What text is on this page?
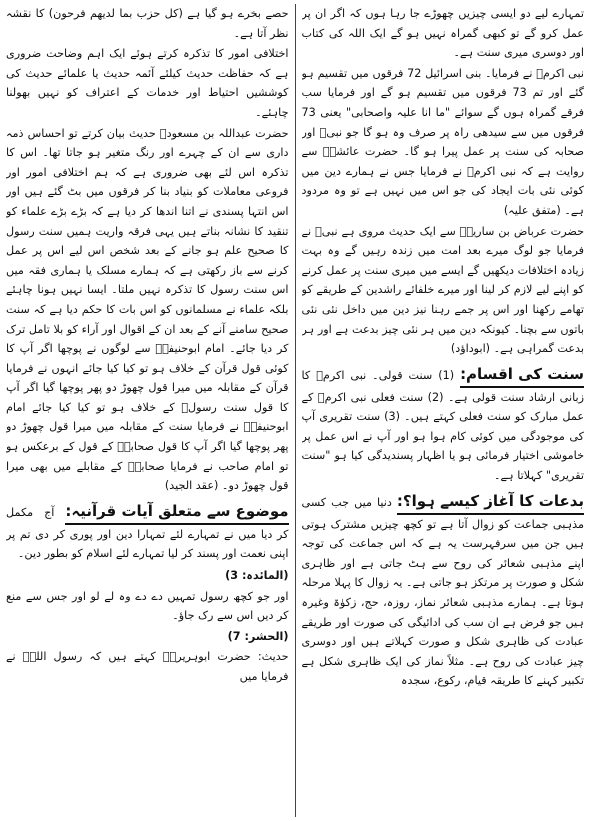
حصے بخرے ہو گیا ہے (کل حزب بما لدیھم فرحون) کا نقشہ نظر آتا ہے۔

اختلافی امور کا تذکرہ کرتے ہوئے ایک اہم وضاحت ضروری ہے کہ حفاظت حدیث کیلئے آئمہ حدیث یا علمائے حدیث کی کوششیں احتیاط اور خدمات کے اعتراف کو نہیں بھولنا چاہئے۔

حضرت عبداللہ بن مسعودؓ حدیث بیان کرتے تو احساس ذمہ داری سے ان کے چہرے اور رنگ متغیر ہو جاتا تھا۔ اس کا تذکرہ اس لئے بھی ضروری ہے کہ ہم اختلافی امور اور فروعی معاملات کو بنیاد بنا کر فرقوں میں بٹ گئے ہیں اور اس انتہا پسندی نے اتنا اندھا کر دیا ہے کہ بڑے بڑے علماء کو تنقید کا نشانہ بناتے ہیں یہی فرقہ واریت ہمیں سنت رسول کا صحیح علم ہو جانے کے بعد شخص اس لیے اس پر عمل کرنے سے باز رکھتی ہے کہ ہمارے مسلک یا ہماری فقہ میں اس سنت رسول کا تذکرہ نہیں ملتا۔ ایسا نہیں ہونا چاہئے بلکہ علماء نے مسلمانوں کو اس بات کا حکم دیا ہے کہ سنت صحیح سامنے آنے کے بعد ان کے اقوال اور آراء کو بلا تامل ترک کر دیا جائے۔ امام ابوحنیفہؒ سے لوگوں نے پوچھا اگر آپ کا کوئی قول قرآن کے خلاف ہو تو کیا کیا جائے انہوں نے فرمایا قرآن کے مقابلہ میں میرا قول چھوڑ دو پھر پوچھا گیا اگر آپ کا قول سنت رسولؐ کے خلاف ہو تو کیا کیا جائے امام ابوحنیفہؒ نے فرمایا سنت کے مقابلہ میں میرا قول چھوڑ دو پھر پوچھا گیا اگر آپ کا قول صحابہؓ کے قول کے برعکس ہو تو امام صاحب نے فرمایا صحابہؓ کے مقابلے میں بھی میرا قول چھوڑ دو۔ (عقد الجید)

موضوع سے متعلق آیات قرآنیہ: آج مکمل کر دیا میں نے تمہارے لئے تمہارا دین اور پوری کر دی تم پر اپنی نعمت اور پسند کر لیا تمہارے لئے اسلام کو بطور دین۔

(المائدہ: 3)

اور جو کچھ رسول تمہیں دے دے وہ لے لو اور جس سے منع کر دیں اس سے رک جاؤ۔

(الحشر: 7)

حدیث: حضرت ابوہریرہؓ کہتے ہیں کہ رسول اللہؐ نے فرمایا میں

تمہارے لیے دو ایسی چیزیں چھوڑے جا رہا ہوں کہ اگر ان پر عمل کرو گے تو کبھی گمراہ نہیں ہو گے ایک اللہ کی کتاب اور دوسری میری سنت ہے۔

نبی اکرمؐ نے فرمایا۔ بنی اسرائیل 72 فرقوں میں تقسیم ہو گئے اور تم 73 فرقوں میں تقسیم ہو گے اور فرمایا سب فرقے گمراہ ہوں گے سوائے "ما انا علیہ واصحابی" یعنی 73 فرقوں میں سے سیدھی راہ پر صرف وہ ہو گا جو نبیؐ اور صحابہ کی سنت پر عمل پیرا ہو گا۔ حضرت عائشہؓ سے روایت ہے کہ نبی اکرمؐ نے فرمایا جس نے ہمارے دین میں کوئی نئی بات ایجاد کی جو اس میں نہیں ہے تو وہ مردود ہے۔ (متفق علیہ)

حضرت عرباض بن ساریہؓ سے ایک حدیث مروی ہے نبیؐ نے فرمایا جو لوگ میرے بعد امت میں زندہ رہیں گے وہ بہت زیادہ اختلافات دیکھیں گے ایسے میں میری سنت پر عمل کرنے کو اپنے لیے لازم کر لینا اور میرے خلفائے راشدین کے طریقے کو تھامے رکھنا اور اس پر جمے رہنا نیز دین میں داخل نئی نئی باتوں سے بچنا۔ کیونکہ دین میں ہر نئی چیز بدعت ہے اور ہر بدعت گمراہی ہے۔ (ابوداؤد)

سنت کی اقسام: (1) سنت قولی۔ نبی اکرمؐ کا زبانی ارشاد سنت قولی ہے۔ (2) سنت فعلی نبی اکرمؐ کے عمل مبارک کو سنت فعلی کہتے ہیں۔ (3) سنت تقریری آپ کی موجودگی میں کوئی کام ہوا ہو اور آپ نے اس عمل پر خاموشی اختیار فرمائی ہو یا اظہار پسندیدگی کیا ہو "سنت تقریری" کہلاتا ہے۔
بدعات کا آغاز کیسے ہوا؟: دنیا میں جب کسی مذہبی جماعت کو زوال آتا ہے تو کچھ چیزیں مشترک ہوتی ہیں جن میں سرفہرست یہ ہے کہ اس جماعت کی توجہ اپنے مذہبی شعائر کی روح سے ہٹ جاتی ہے اور ظاہری شکل و صورت پر مرتکز ہو جاتی ہے۔ یہ زوال کا پہلا مرحلہ ہوتا ہے۔ ہمارے مذہبی شعائر نماز، روزہ، حج، زکوٰۃ وغیرہ ہیں جو فرض ہے ان سب کی ادائیگی کی صورت اور طریقے عبادت کی ظاہری شکل و صورت کہلاتے ہیں اور دوسری چیز عبادت کی روح ہے۔ مثلاً نماز کی ایک ظاہری شکل ہے تکبیر کہنے کا طریقہ قیام، رکوع، سجدہ
